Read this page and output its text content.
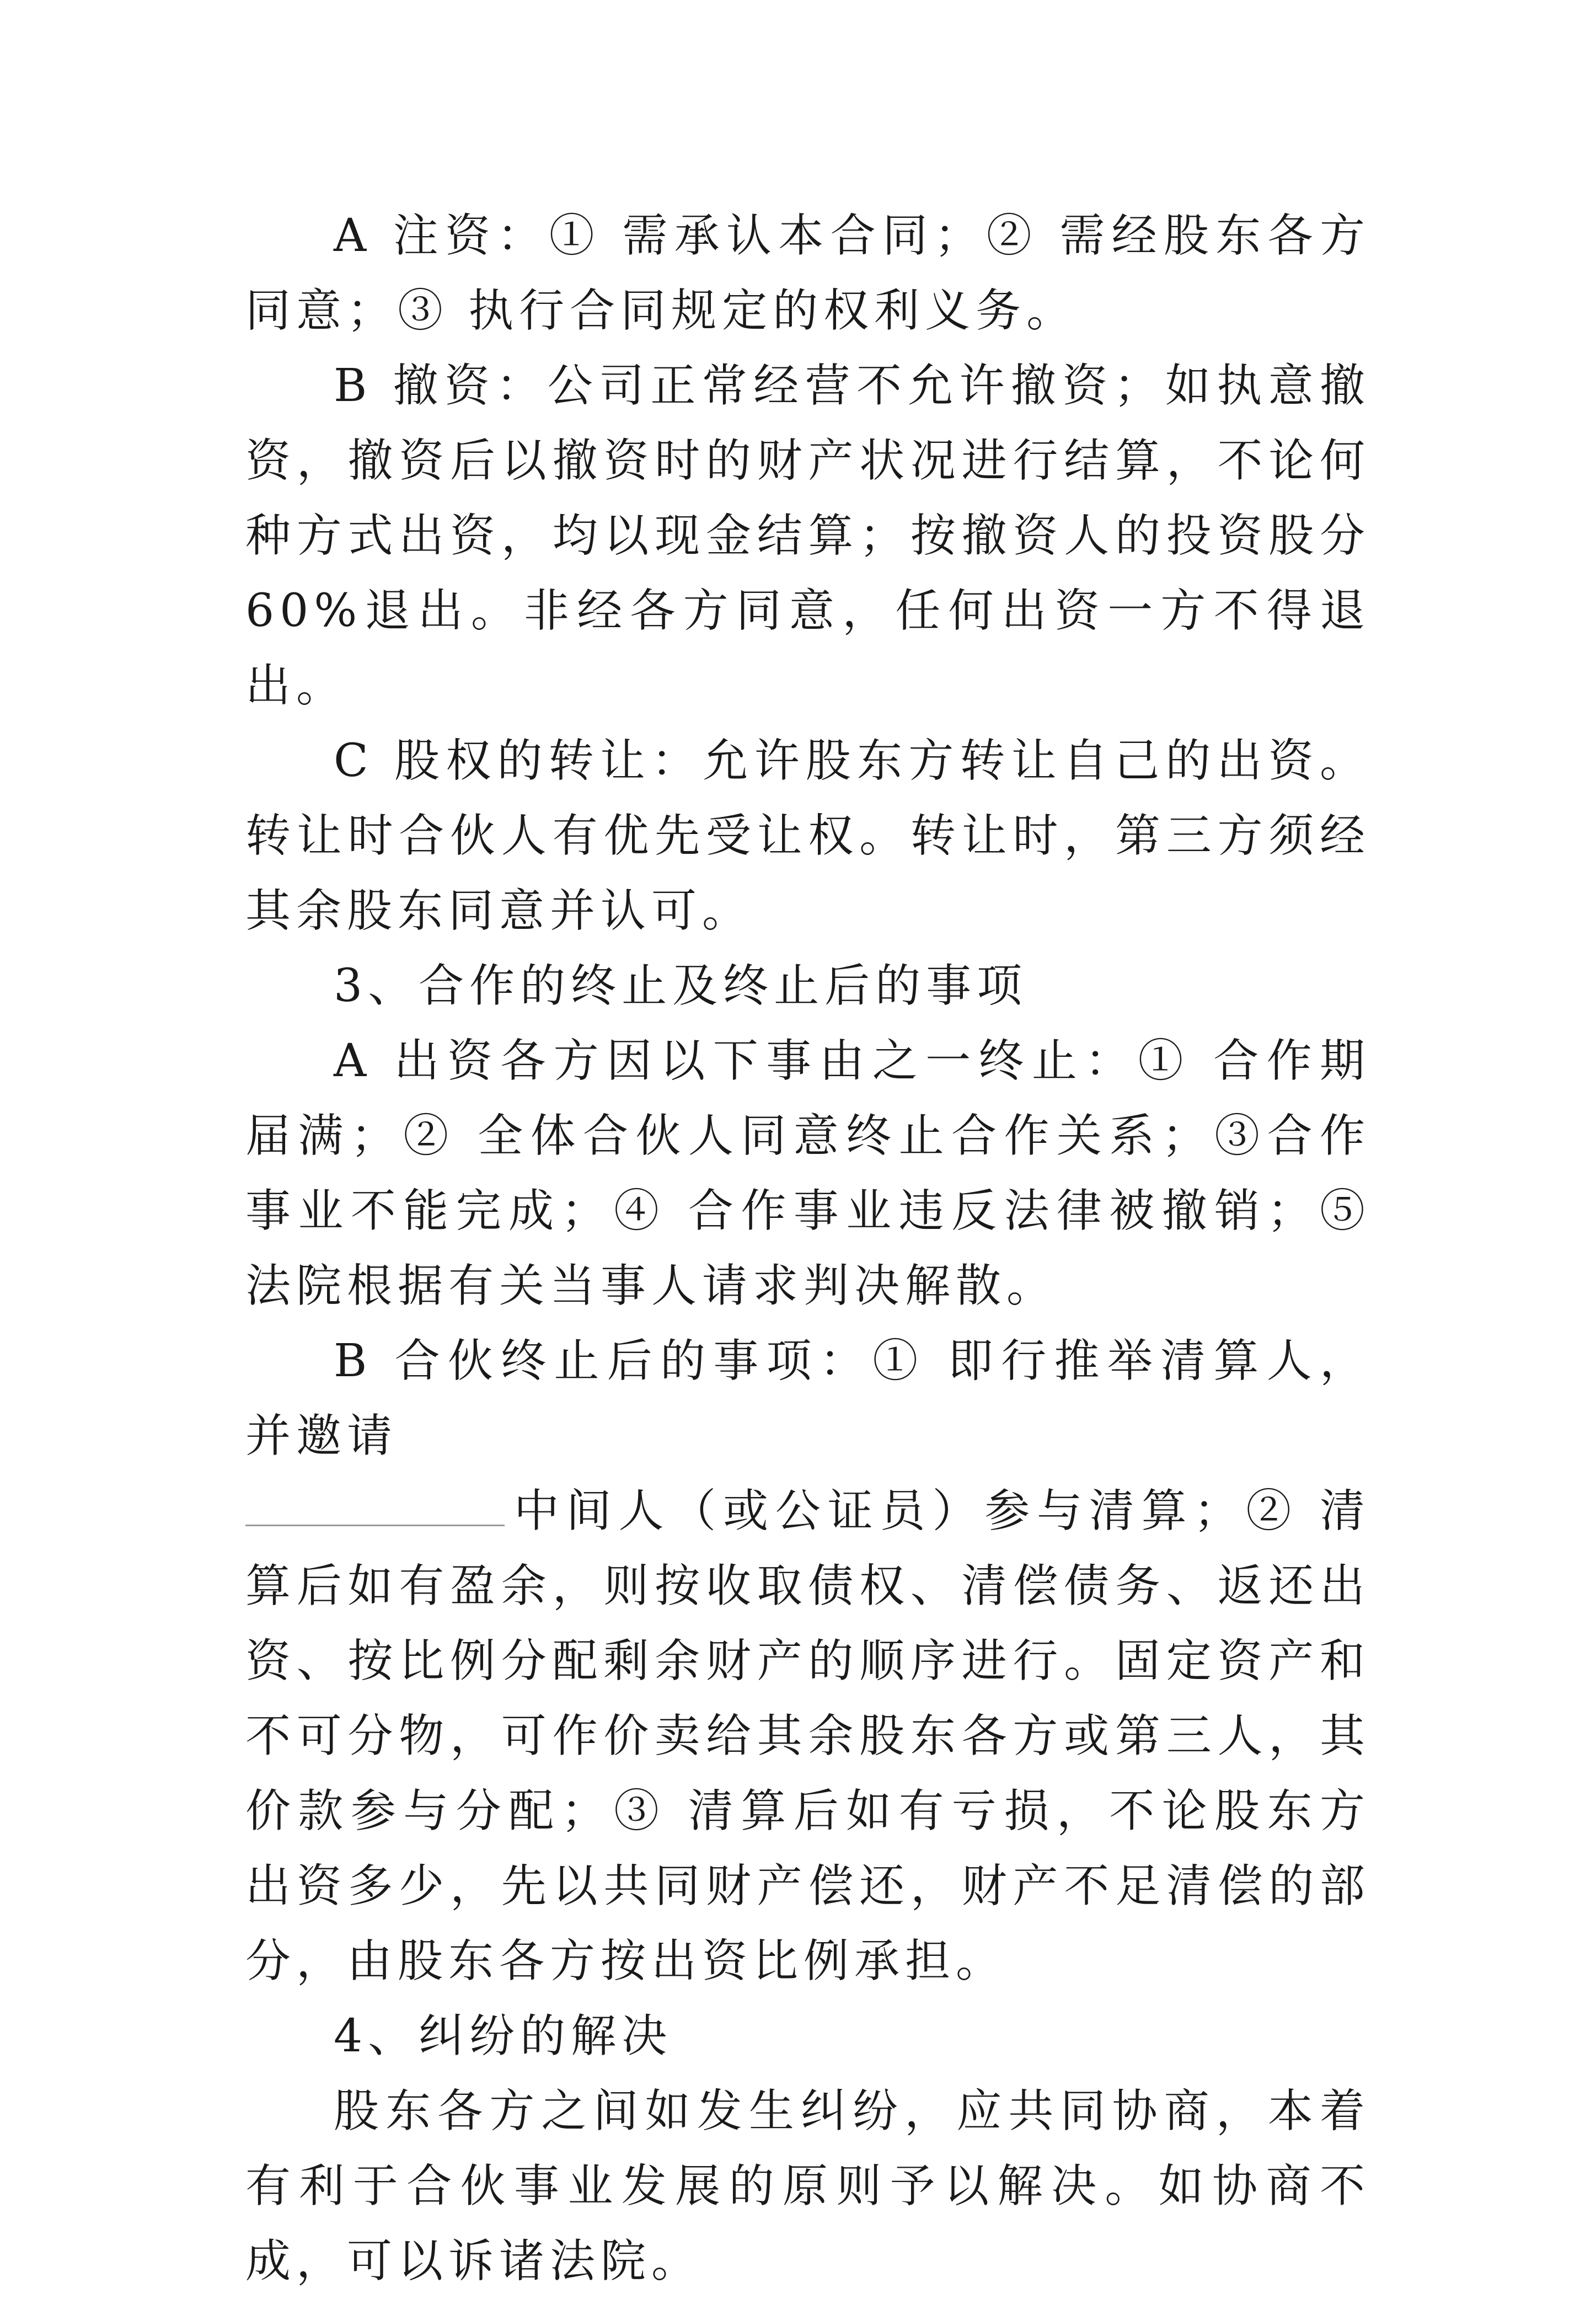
A 注资：① 需承认本合同；② 需经股东各方同意；③ 执行合同规定的权利义务。

B 撤资：公司正常经营不允许撤资；如执意撤资，撤资后以撤资时的财产状况进行结算，不论何种方式出资，均以现金结算；按撤资人的投资股分 60%退出。非经各方同意，任何出资一方不得退出。

C 股权的转让：允许股东方转让自己的出资。转让时合伙人有优先受让权。转让时，第三方须经其余股东同意并认可。

3、合作的终止及终止后的事项

A 出资各方因以下事由之一终止：① 合作期届满；② 全体合伙人同意终止合作关系；③合作事业不能完成；④ 合作事业违反法律被撤销；⑤ 法院根据有关当事人请求判决解散。

B 合伙终止后的事项：① 即行推举清算人，并邀请
中间人（或公证员）参与清算；② 清算后如有盈余，则按收取债权、清偿债务、返还出资、按比例分配剩余财产的顺序进行。固定资产和不可分物，可作价卖给其余股东各方或第三人，其价款参与分配；③ 清算后如有亏损，不论股东方出资多少，先以共同财产偿还，财产不足清偿的部分，由股东各方按出资比例承担。

4、纠纷的解决

股东各方之间如发生纠纷，应共同协商，本着有利于合伙事业发展的原则予以解决。如协商不成，可以诉诸法院。
